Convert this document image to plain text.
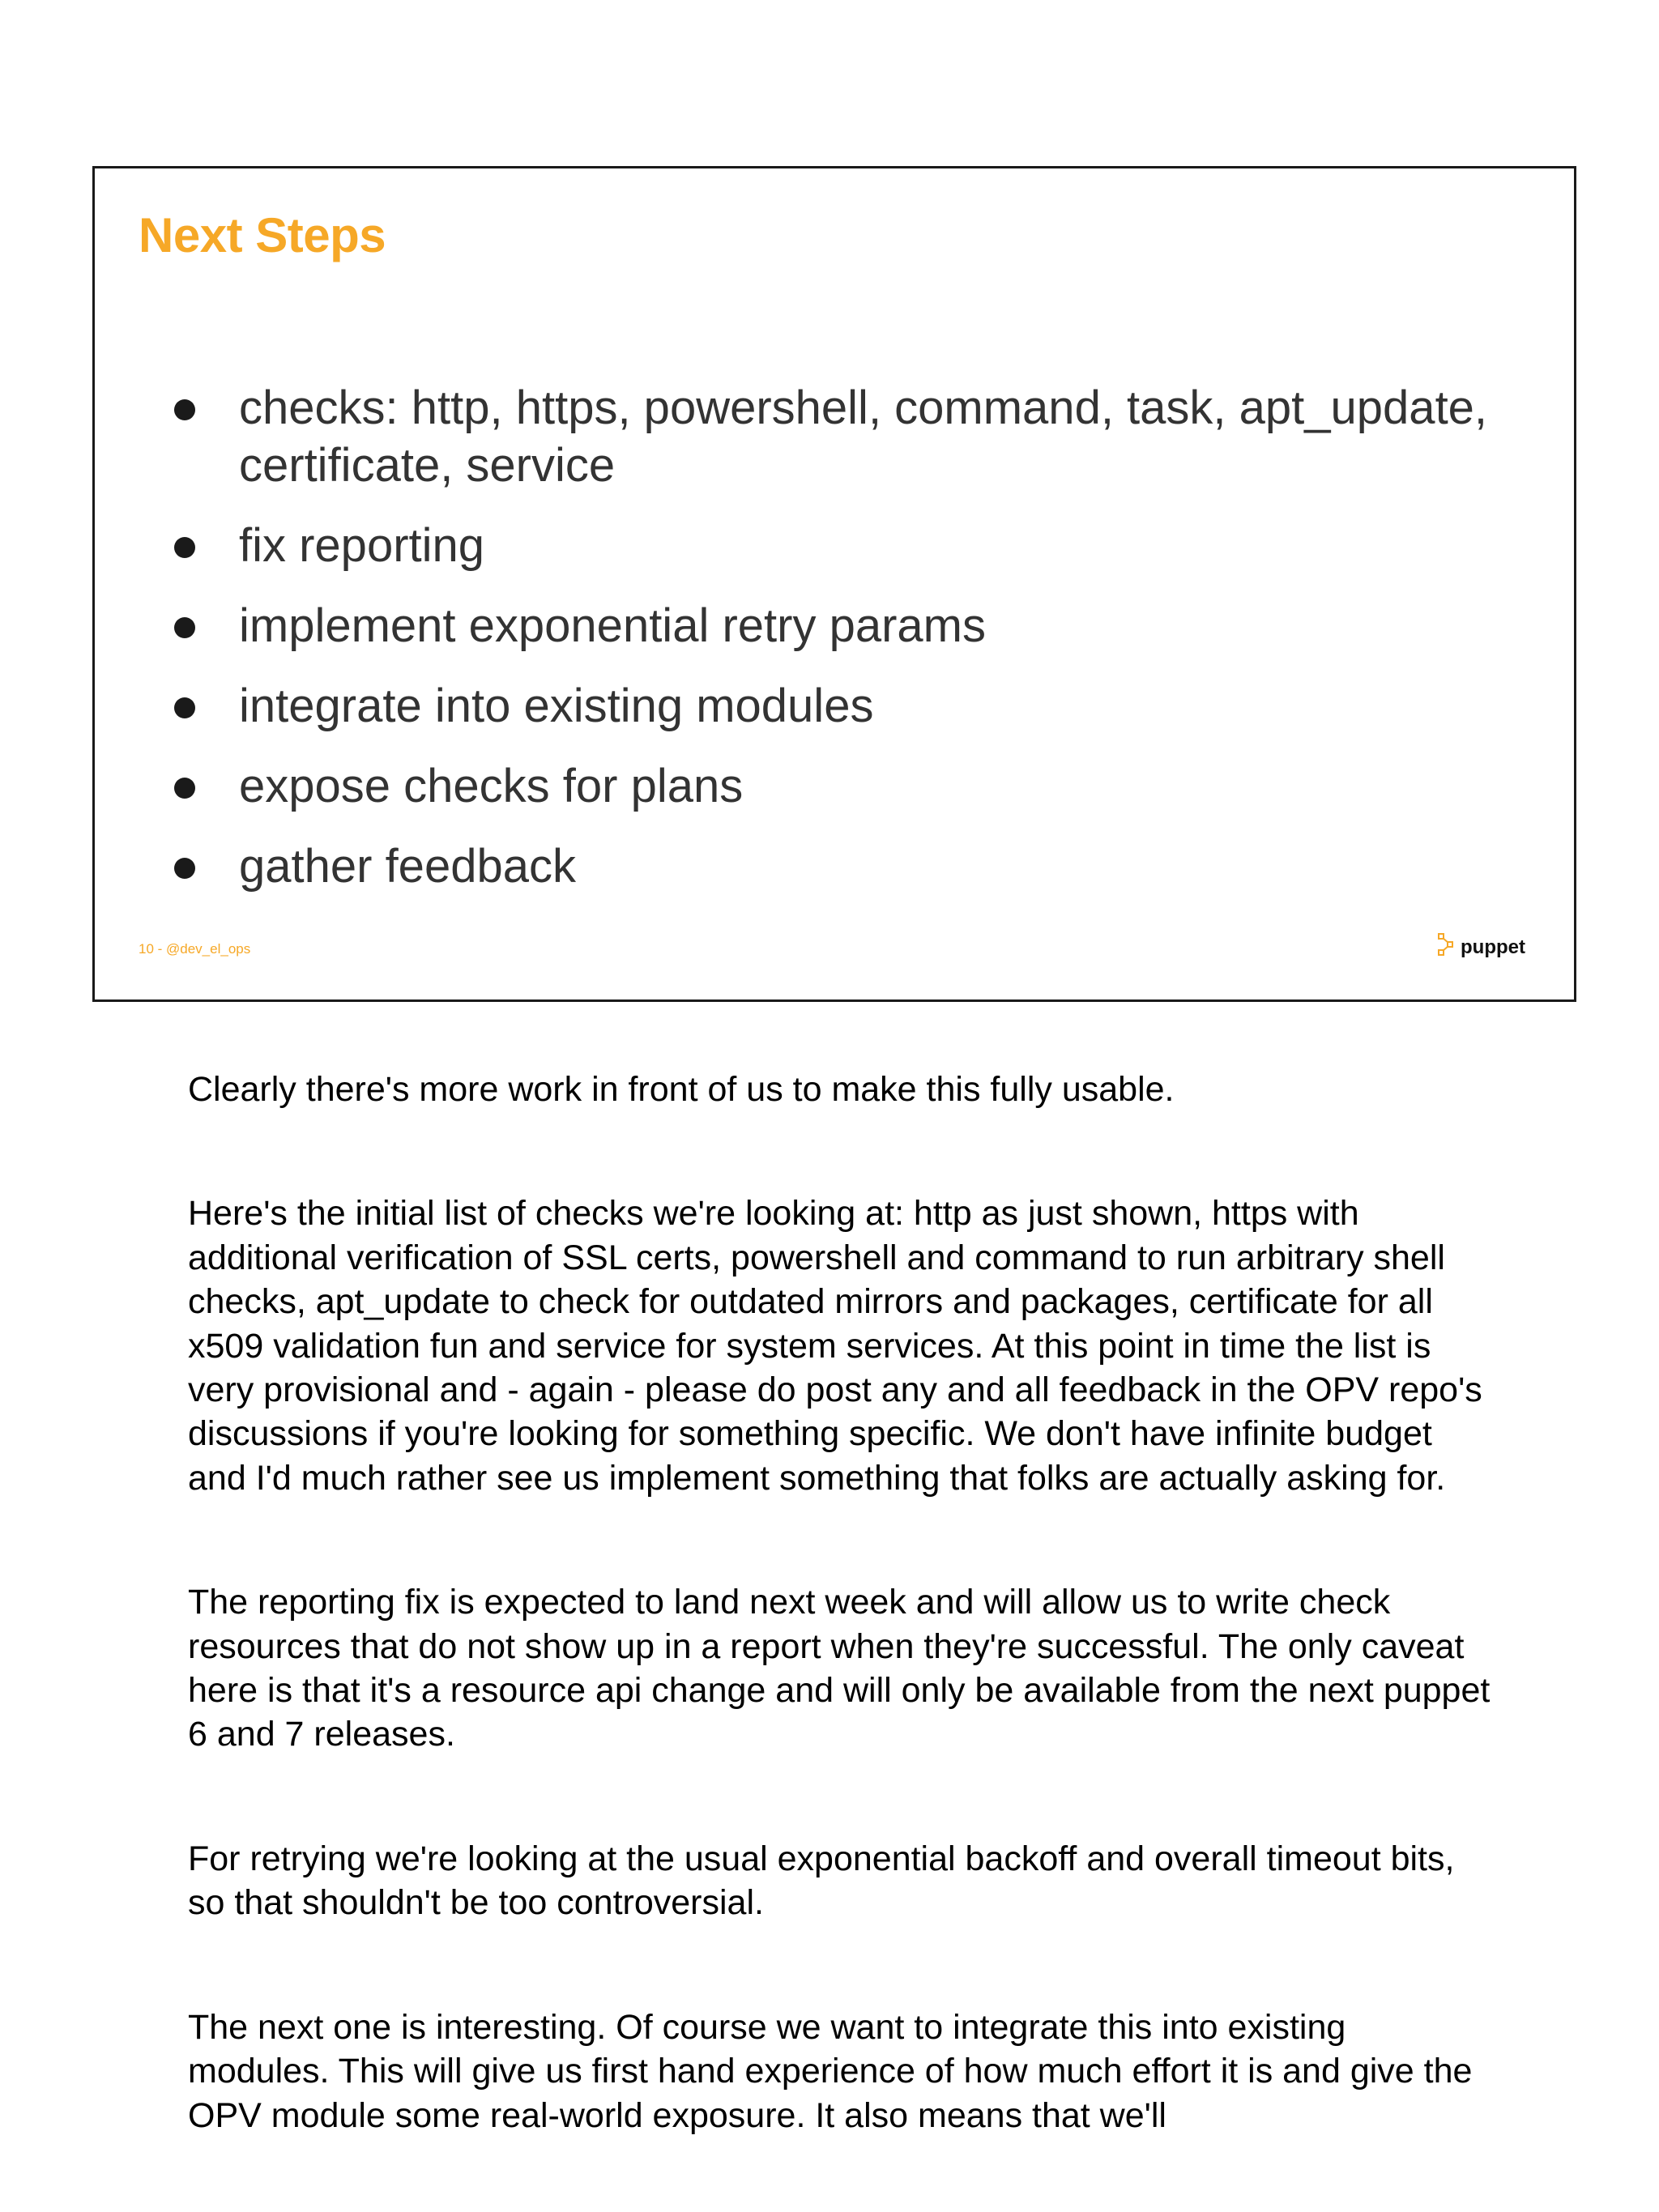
Next Steps
checks: http, https, powershell, command, task, apt_update, certificate, service
fix reporting
implement exponential retry params
integrate into existing modules
expose checks for plans
gather feedback
10 - @dev_el_ops	puppet

Clearly there's more work in front of us to make this fully usable.

Here's the initial list of checks we're looking at: http as just shown, https with additional verification of SSL certs, powershell and command to run arbitrary shell checks, apt_update to check for outdated mirrors and packages, certificate for all x509 validation fun and service for system services. At this point in time the list is very provisional and - again - please do post any and all feedback in the OPV repo's discussions if you're looking for something specific. We don't have infinite budget and I'd much rather see us implement something that folks are actually asking for.

The reporting fix is expected to land next week and will allow us to write check resources that do not show up in a report when they're successful. The only caveat here is that it's a resource api change and will only be available from the next puppet 6 and 7 releases.

For retrying we're looking at the usual exponential backoff and overall timeout bits, so that shouldn't be too controversial.

The next one is interesting. Of course we want to integrate this into existing modules. This will give us first hand experience of how much effort it is and give the OPV module some real-world exposure. It also means that we'll
